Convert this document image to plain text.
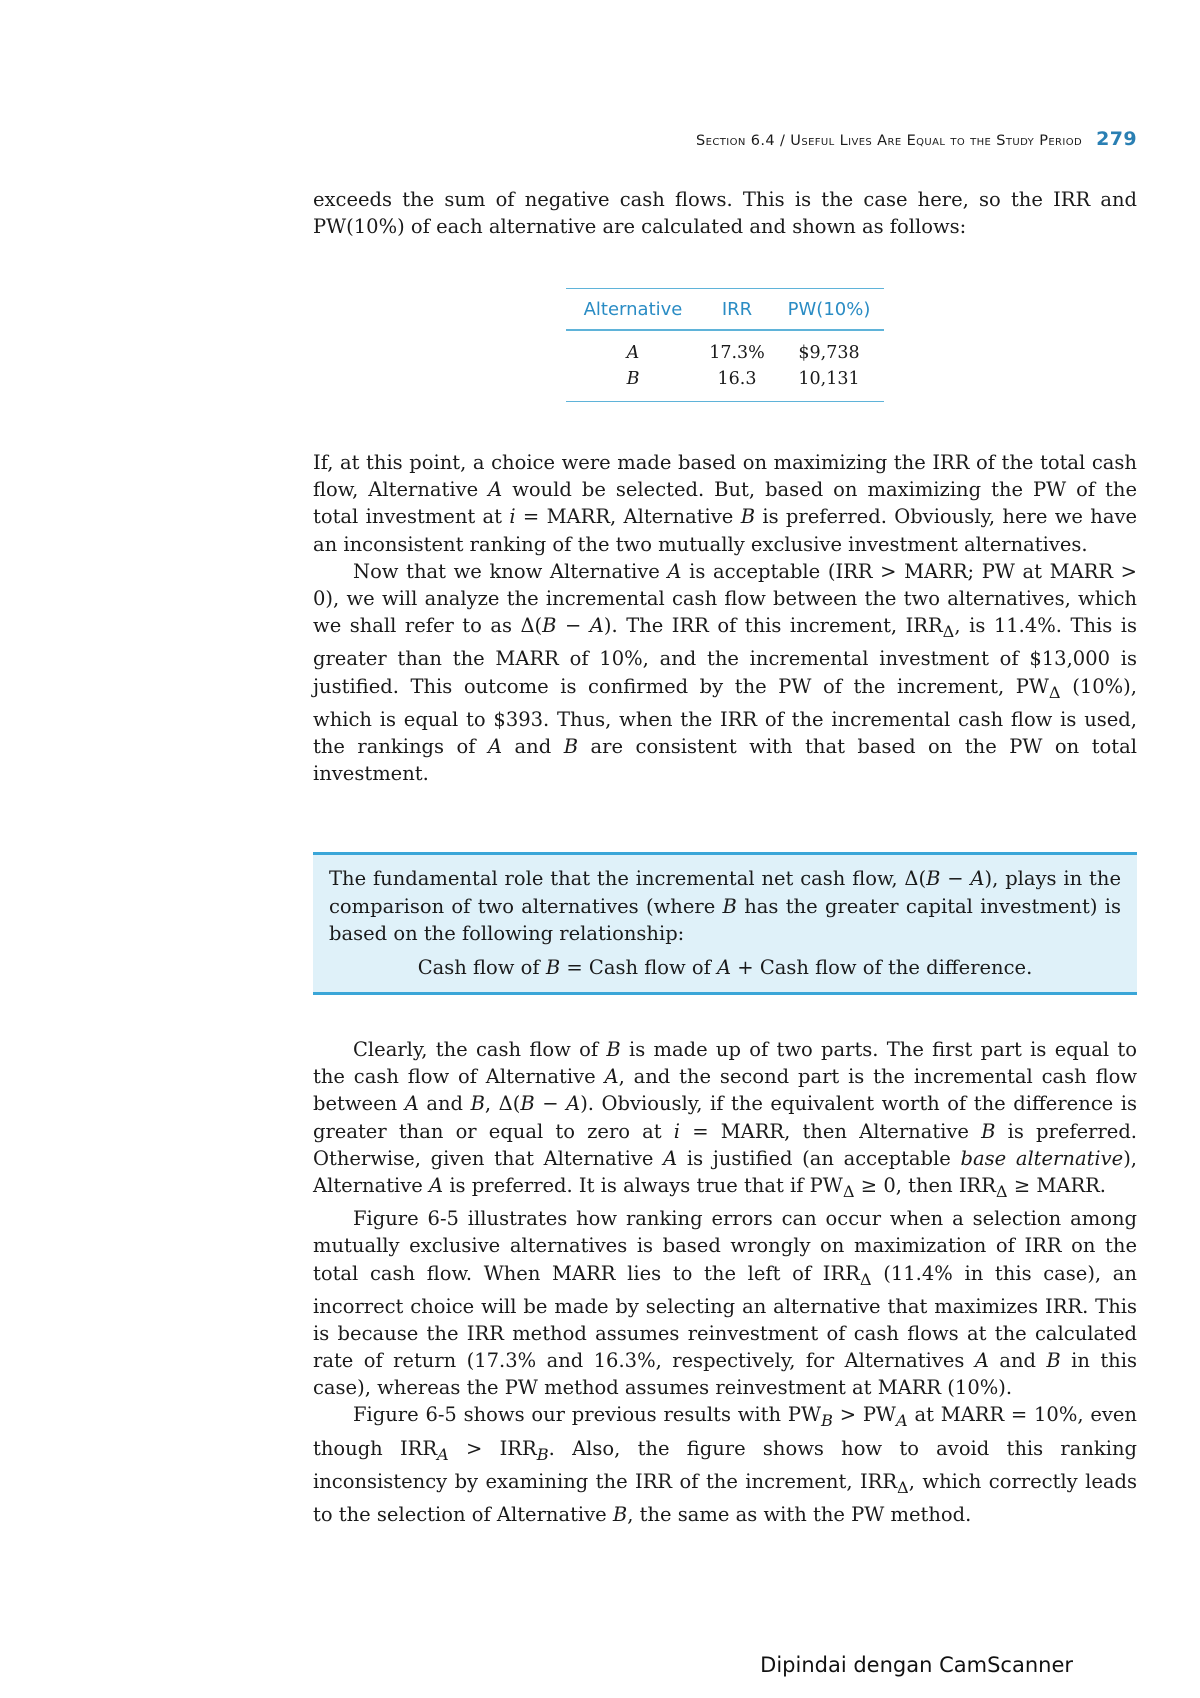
Section 6.4 / Useful Lives Are Equal to the Study Period 279

exceeds the sum of negative cash flows. This is the case here, so the IRR and PW(10%) of each alternative are calculated and shown as follows:

Alternative	IRR	PW(10%)
A	17.3%	$9,738
B	16.3	10,131

If, at this point, a choice were made based on maximizing the IRR of the total cash flow, Alternative A would be selected. But, based on maximizing the PW of the total investment at i = MARR, Alternative B is preferred. Obviously, here we have an inconsistent ranking of the two mutually exclusive investment alternatives.

Now that we know Alternative A is acceptable (IRR > MARR; PW at MARR > 0), we will analyze the incremental cash flow between the two alternatives, which we shall refer to as Δ(B − A). The IRR of this increment, $IRR_\Delta$, is 11.4%. This is greater than the MARR of 10%, and the incremental investment of $13,000 is justified. This outcome is confirmed by the PW of the increment, $PW_\Delta$ (10%), which is equal to $393. Thus, when the IRR of the incremental cash flow is used, the rankings of A and B are consistent with that based on the PW on total investment.

The fundamental role that the incremental net cash flow, Δ(B − A), plays in the comparison of two alternatives (where B has the greater capital investment) is based on the following relationship:

Cash flow of B = Cash flow of A + Cash flow of the difference.

Clearly, the cash flow of B is made up of two parts. The first part is equal to the cash flow of Alternative A, and the second part is the incremental cash flow between A and B, Δ(B − A). Obviously, if the equivalent worth of the difference is greater than or equal to zero at i = MARR, then Alternative B is preferred. Otherwise, given that Alternative A is justified (an acceptable base alternative), Alternative A is preferred. It is always true that if $PW_\Delta \ge 0$, then $IRR_\Delta$ ≥ MARR.

Figure 6-5 illustrates how ranking errors can occur when a selection among mutually exclusive alternatives is based wrongly on maximization of IRR on the total cash flow. When MARR lies to the left of $IRR_\Delta$ (11.4% in this case), an incorrect choice will be made by selecting an alternative that maximizes IRR. This is because the IRR method assumes reinvestment of cash flows at the calculated rate of return (17.3% and 16.3%, respectively, for Alternatives A and B in this case), whereas the PW method assumes reinvestment at MARR (10%).

Figure 6-5 shows our previous results with $PW_B > PW_A$ at MARR = 10%, even though $IRR_A > IRR_B$. Also, the figure shows how to avoid this ranking inconsistency by examining the IRR of the increment, $IRR_\Delta$, which correctly leads to the selection of Alternative B, the same as with the PW method.

Dipindai dengan CamScanner
